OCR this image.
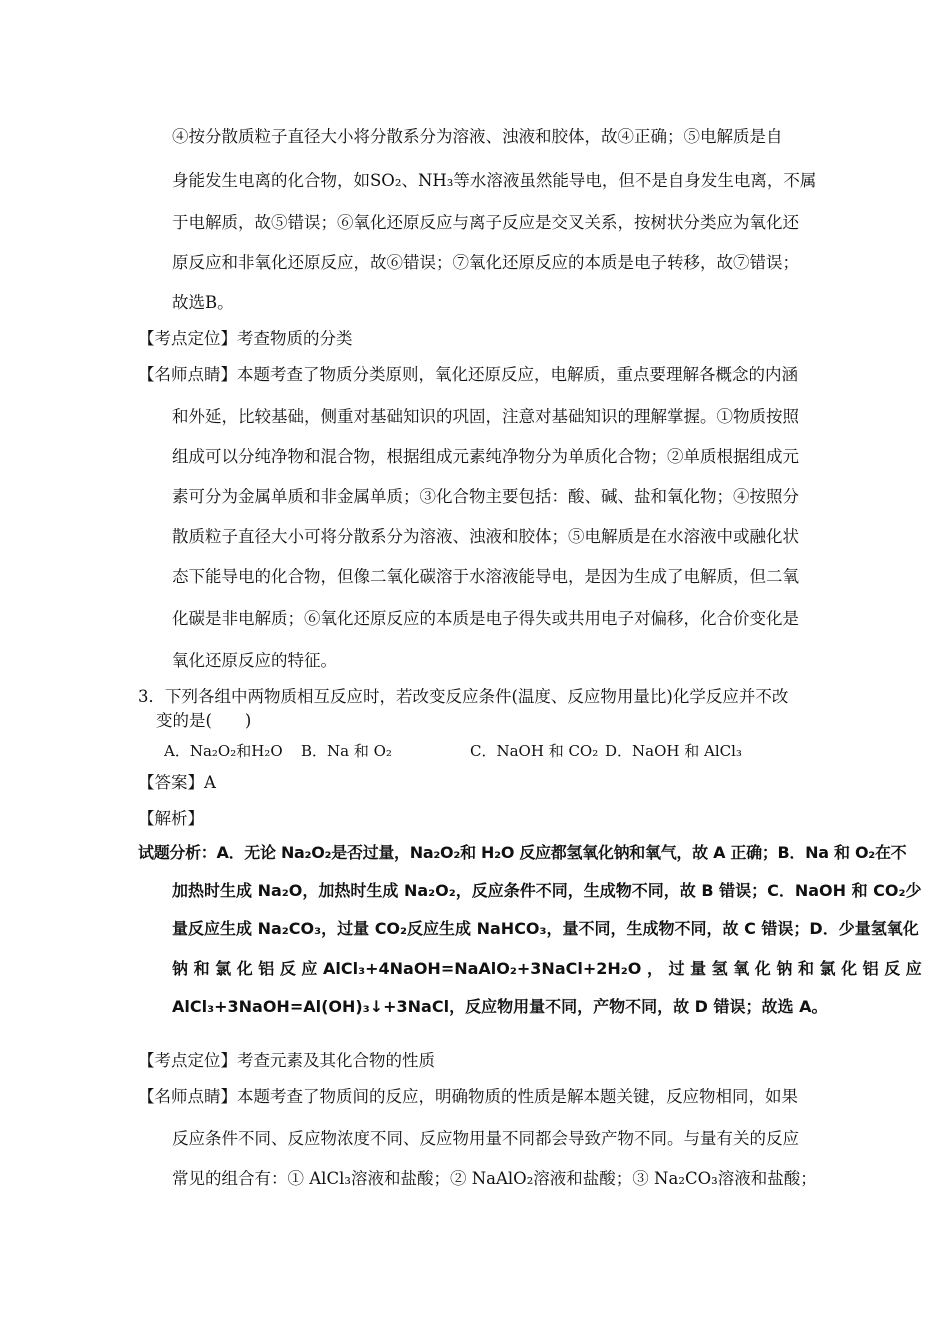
④按分散质粒子直径大小将分散系分为溶液、浊液和胶体，故④正确；⑤电解质是自
身能发生电离的化合物，如SO₂、NH₃等水溶液虽然能导电，但不是自身发生电离，不属
于电解质，故⑤错误；⑥氧化还原反应与离子反应是交叉关系，按树状分类应为氧化还
原反应和非氧化还原反应，故⑥错误；⑦氧化还原反应的本质是电子转移，故⑦错误；
故选B。
【考点定位】考查物质的分类
【名师点睛】本题考查了物质分类原则，氧化还原反应，电解质，重点要理解各概念的内涵
和外延，比较基础，侧重对基础知识的巩固，注意对基础知识的理解掌握。①物质按照
组成可以分纯净物和混合物，根据组成元素纯净物分为单质化合物；②单质根据组成元
素可分为金属单质和非金属单质；③化合物主要包括：酸、碱、盐和氧化物；④按照分
散质粒子直径大小可将分散系分为溶液、浊液和胶体；⑤电解质是在水溶液中或融化状
态下能导电的化合物，但像二氧化碳溶于水溶液能导电，是因为生成了电解质，但二氧
化碳是非电解质；⑥氧化还原反应的本质是电子得失或共用电子对偏移，化合价变化是
氧化还原反应的特征。
3．下列各组中两物质相互反应时，若改变反应条件(温度、反应物用量比)化学反应并不改
变的是(　　)
A．Na₂O₂和H₂O B．Na 和 O₂	C．NaOH 和 CO₂ D．NaOH 和 AlCl₃
【答案】A
【解析】
试题分析：A．无论 Na₂O₂是否过量，Na₂O₂和 H₂O 反应都氢氧化钠和氧气，故 A 正确；B．Na 和 O₂在不
加热时生成 Na₂O，加热时生成 Na₂O₂，反应条件不同，生成物不同，故 B 错误；C．NaOH 和 CO₂少
量反应生成 Na₂CO₃，过量 CO₂反应生成 NaHCO₃，量不同，生成物不同，故 C 错误；D．少量氢氧化
钠 和 氯 化 铝 反 应 AlCl₃+4NaOH=NaAlO₂+3NaCl+2H₂O ， 过 量 氢 氧 化 钠 和 氯 化 铝 反 应
AlCl₃+3NaOH=Al(OH)₃↓+3NaCl，反应物用量不同，产物不同，故 D 错误；故选 A。
【考点定位】考查元素及其化合物的性质
【名师点睛】本题考查了物质间的反应，明确物质的性质是解本题关键，反应物相同，如果
反应条件不同、反应物浓度不同、反应物用量不同都会导致产物不同。与量有关的反应
常见的组合有：① AlCl₃溶液和盐酸；② NaAlO₂溶液和盐酸；③ Na₂CO₃溶液和盐酸；
